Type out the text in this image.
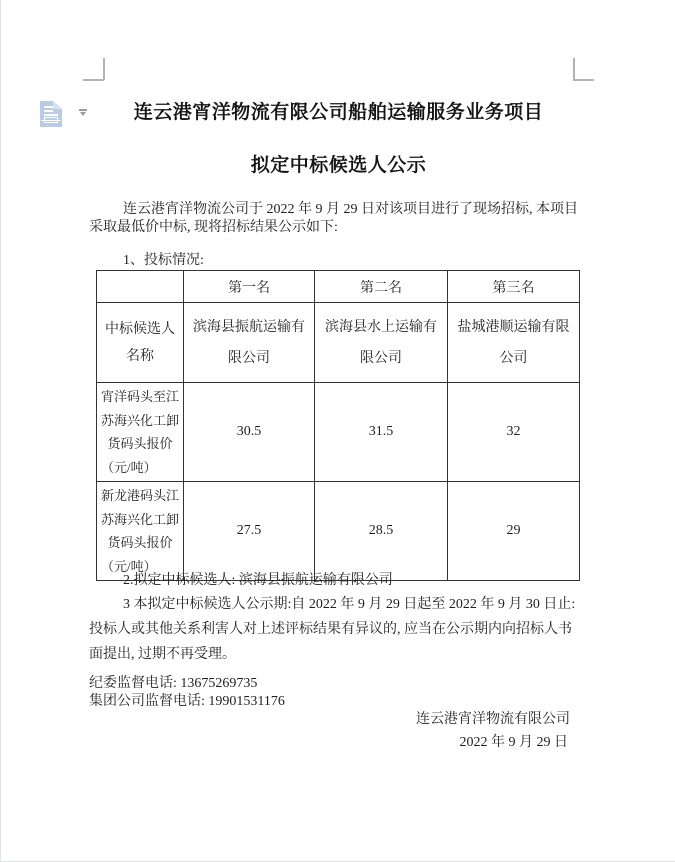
连云港宵洋物流有限公司船舶运输服务业务项目
拟定中标候选人公示
连云港宵洋物流公司于 2022 年 9 月 29 日对该项目进行了现场招标, 本项目
采取最低价中标, 现将招标结果公示如下:
1、投标情况:
	第一名	第二名	第三名

中标候选人
名称	滨海县振航运输有限公司	滨海县水上运输有限公司	盐城港顺运输有限公司
宵洋码头至江苏海兴化工卸货码头报价（元/吨）	30.5	31.5	32
新龙港码头江苏海兴化工卸货码头报价（元/吨）	27.5	28.5	29
2.拟定中标候选人: 滨海县振航运输有限公司
3 本拟定中标候选人公示期:自 2022 年 9 月 29 日起至 2022 年 9 月 30 日止:
投标人或其他关系利害人对上述评标结果有异议的, 应当在公示期内向招标人书
面提出, 过期不再受理。
纪委监督电话: 13675269735
集团公司监督电话: 19901531176
连云港宵洋物流有限公司
2022 年 9 月 29 日
